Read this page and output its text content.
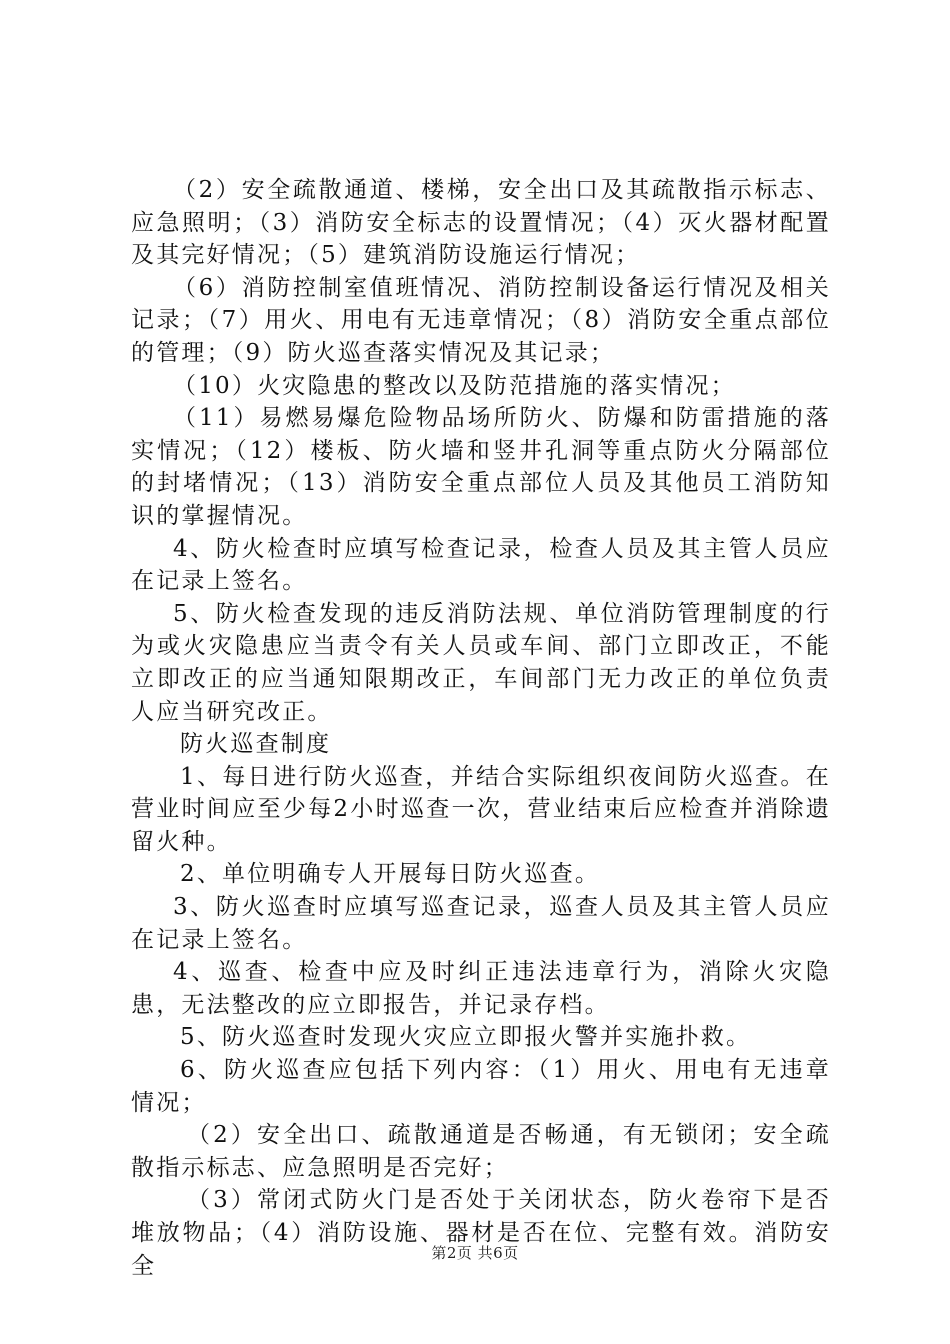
（2）安全疏散通道、楼梯，安全出口及其疏散指示标志、应急照明；（3）消防安全标志的设置情况；（4）灭火器材配置及其完好情况；（5）建筑消防设施运行情况；

（6）消防控制室值班情况、消防控制设备运行情况及相关记录；（7）用火、用电有无违章情况；（8）消防安全重点部位的管理；（9）防火巡查落实情况及其记录；

（10）火灾隐患的整改以及防范措施的落实情况；

（11）易燃易爆危险物品场所防火、防爆和防雷措施的落实情况；（12）楼板、防火墙和竖井孔洞等重点防火分隔部位的封堵情况；（13）消防安全重点部位人员及其他员工消防知识的掌握情况。

4、防火检查时应填写检查记录，检查人员及其主管人员应在记录上签名。

5、防火检查发现的违反消防法规、单位消防管理制度的行为或火灾隐患应当责令有关人员或车间、部门立即改正，不能立即改正的应当通知限期改正，车间部门无力改正的单位负责人应当研究改正。

防火巡查制度

1、每日进行防火巡查，并结合实际组织夜间防火巡查。在营业时间应至少每2小时巡查一次，营业结束后应检查并消除遗留火种。

2、单位明确专人开展每日防火巡查。

3、防火巡查时应填写巡查记录，巡查人员及其主管人员应在记录上签名。

4、巡查、检查中应及时纠正违法违章行为，消除火灾隐患，无法整改的应立即报告，并记录存档。

5、防火巡查时发现火灾应立即报火警并实施扑救。

6、防火巡查应包括下列内容：（1）用火、用电有无违章情况；

（2）安全出口、疏散通道是否畅通，有无锁闭；安全疏散指示标志、应急照明是否完好；

（3）常闭式防火门是否处于关闭状态，防火卷帘下是否堆放物品；（4）消防设施、器材是否在位、完整有效。消防安全	第2页 共6页
